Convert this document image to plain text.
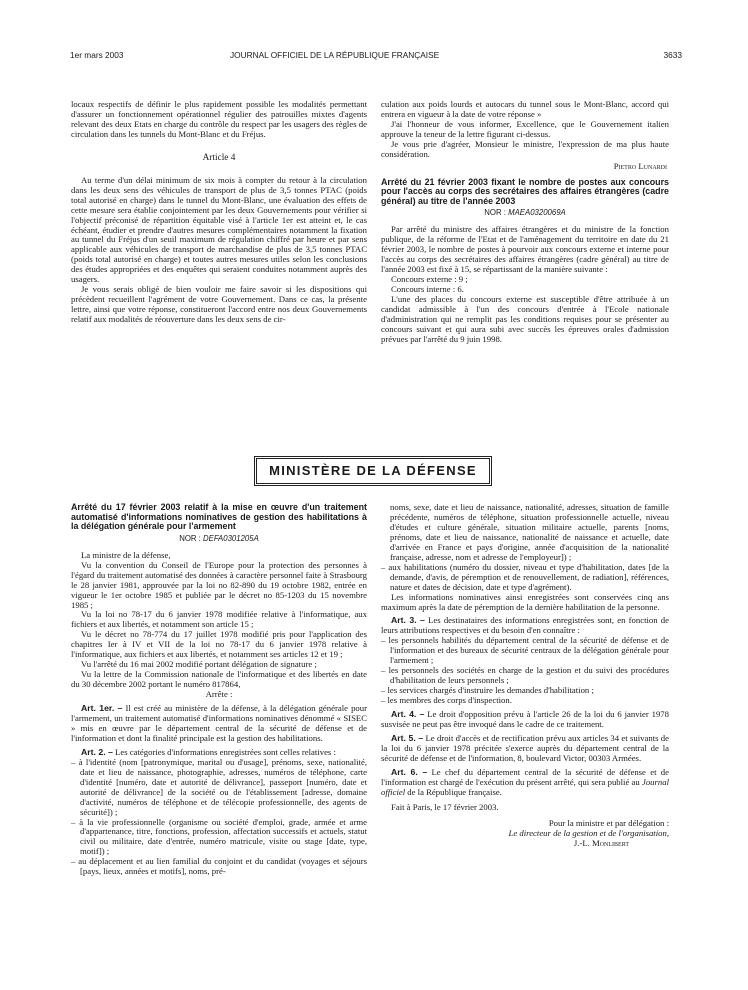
1er mars 2003	JOURNAL OFFICIEL DE LA RÉPUBLIQUE FRANÇAISE	3633

locaux respectifs de définir le plus rapidement possible les modalités permettant d'assurer un fonctionnement opérationnel régulier des patrouilles mixtes d'agents relevant des deux Etats en charge du contrôle du respect par les usagers des règles de circulation dans les tunnels du Mont-Blanc et du Fréjus.

Article 4

Au terme d'un délai minimum de six mois à compter du retour à la circulation dans les deux sens des véhicules de transport de plus de 3,5 tonnes PTAC (poids total autorisé en charge) dans le tunnel du Mont-Blanc, une évaluation des effets de cette mesure sera établie conjointement par les deux Gouvernements pour vérifier si l'objectif préconisé de répartition équitable visé à l'article 1er est atteint et, le cas échéant, étudier et prendre d'autres mesures complémentaires notamment la fixation au tunnel du Fréjus d'un seuil maximum de régulation chiffré par heure et par sens applicable aux véhicules de transport de marchandise de plus de 3,5 tonnes PTAC (poids total autorisé en charge) et toutes autres mesures utiles selon les conclusions des études appropriées et des enquêtes qui seraient conduites notamment auprès des usagers.

Je vous serais obligé de bien vouloir me faire savoir si les dispositions qui précèdent recueillent l'agrément de votre Gouvernement. Dans ce cas, la présente lettre, ainsi que votre réponse, constitueront l'accord entre nos deux Gouvernements relatif aux modalités de réouverture dans les deux sens de cir-

culation aux poids lourds et autocars du tunnel sous le Mont-Blanc, accord qui entrera en vigueur à la date de votre réponse »

J'ai l'honneur de vous informer, Excellence, que le Gouvernement italien approuve la teneur de la lettre figurant ci-dessus.

Je vous prie d'agréer, Monsieur le ministre, l'expression de ma plus haute considération.

Pietro Lunardi
Arrêté du 21 février 2003 fixant le nombre de postes aux concours pour l'accès au corps des secrétaires des affaires étrangères (cadre général) au titre de l'année 2003
NOR : MAEA0320069A

Par arrêté du ministre des affaires étrangères et du ministre de la fonction publique, de la réforme de l'Etat et de l'aménagement du territoire en date du 21 février 2003, le nombre de postes à pourvoir aux concours externe et interne pour l'accès au corps des secrétaires des affaires étrangères (cadre général) au titre de l'année 2003 est fixé à 15, se répartissant de la manière suivante :

Concours externe : 9 ;

Concours interne : 6.

L'une des places du concours externe est susceptible d'être attribuée à un candidat admissible à l'un des concours d'entrée à l'Ecole nationale d'administration qui ne remplit pas les conditions requises pour se présenter au concours suivant et qui aura subi avec succès les épreuves orales d'admission prévues par l'arrêté du 9 juin 1998.

MINISTÈRE DE LA DÉFENSE
Arrêté du 17 février 2003 relatif à la mise en œuvre d'un traitement automatisé d'informations nominatives de gestion des habilitations à la délégation générale pour l'armement
NOR : DEFA0301205A

La ministre de la défense,

Vu la convention du Conseil de l'Europe pour la protection des personnes à l'égard du traitement automatisé des données à caractère personnel faite à Strasbourg le 28 janvier 1981, approuvée par la loi no 82-890 du 19 octobre 1982, entrée en vigueur le 1er octobre 1985 et publiée par le décret no 85-1203 du 15 novembre 1985 ;

Vu la loi no 78-17 du 6 janvier 1978 modifiée relative à l'informatique, aux fichiers et aux libertés, et notamment son article 15 ;

Vu le décret no 78-774 du 17 juillet 1978 modifié pris pour l'application des chapitres Ier à IV et VII de la loi no 78-17 du 6 janvier 1978 relative à l'informatique, aux fichiers et aux libertés, et notamment ses articles 12 et 19 ;

Vu l'arrêté du 16 mai 2002 modifié portant délégation de signature ;

Vu la lettre de la Commission nationale de l'informatique et des libertés en date du 30 décembre 2002 portant le numéro 817864,

Arrête :

Art. 1er. – Il est créé au ministère de la défense, à la délégation générale pour l'armement, un traitement automatisé d'informations nominatives dénommé « SISEC » mis en œuvre par le département central de la sécurité de défense et de l'information et dont la finalité principale est la gestion des habilitations.

Art. 2. – Les catégories d'informations enregistrées sont celles relatives :

– à l'identité (nom [patronymique, marital ou d'usage], prénoms, sexe, nationalité, date et lieu de naissance, photographie, adresses, numéros de téléphone, carte d'identité [numéro, date et autorité de délivrance], passeport [numéro, date et autorité de délivrance] de la société ou de l'établissement [adresse, domaine d'activité, numéros de téléphone et de télécopie professionnelle, des agents de sécurité]) ;

– à la vie professionnelle (organisme ou société d'emploi, grade, armée et arme d'appartenance, titre, fonctions, profession, affectation successifs et actuels, statut civil ou militaire, date d'entrée, numéro matricule, visite ou stage [date, type, motif]) ;

– au déplacement et au lien familial du conjoint et du candidat (voyages et séjours [pays, lieux, années et motifs], noms, pré-

noms, sexe, date et lieu de naissance, nationalité, adresses, situation de famille précédente, numéros de téléphone, situation professionnelle actuelle, niveau d'études et culture générale, situation militaire actuelle, parents [noms, prénoms, date et lieu de naissance, nationalité de naissance et actuelle, date d'arrivée en France et pays d'origine, année d'acquisition de la nationalité française, adresse, nom et adresse de l'employeur]) ;

– aux habilitations (numéro du dossier, niveau et type d'habilitation, dates [de la demande, d'avis, de péremption et de renouvellement, de radiation], références, nature et dates de décision, date et type d'agrément).

Les informations nominatives ainsi enregistrées sont conservées cinq ans maximum après la date de péremption de la dernière habilitation de la personne.

Art. 3. – Les destinataires des informations enregistrées sont, en fonction de leurs attributions respectives et du besoin d'en connaître :

– les personnels habilités du département central de la sécurité de défense et de l'information et des bureaux de sécurité centraux de la délégation générale pour l'armement ;

– les personnels des sociétés en charge de la gestion et du suivi des procédures d'habilitation de leurs personnels ;

– les services chargés d'instruire les demandes d'habilitation ;

– les membres des corps d'inspection.

Art. 4. – Le droit d'opposition prévu à l'article 26 de la loi du 6 janvier 1978 susvisée ne peut pas être invoqué dans le cadre de ce traitement.

Art. 5. – Le droit d'accès et de rectification prévu aux articles 34 et suivants de la loi du 6 janvier 1978 précitée s'exerce auprès du département central de la sécurité de défense et de l'information, 8, boulevard Victor, 00303 Armées.

Art. 6. – Le chef du département central de la sécurité de défense et de l'information est chargé de l'exécution du présent arrêté, qui sera publié au Journal officiel de la République française.

Fait à Paris, le 17 février 2003.

Pour la ministre et par délégation :
Le directeur de la gestion et de l'organisation,
J.-L. Monlibert
